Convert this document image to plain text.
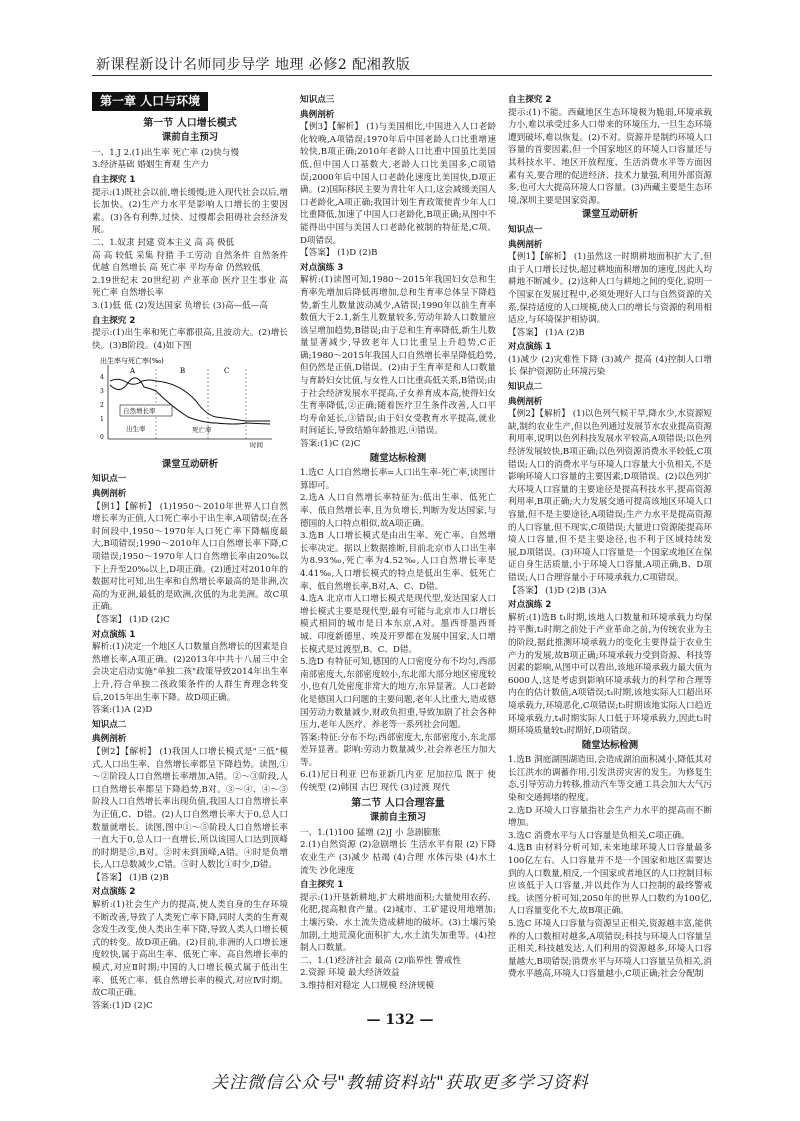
新课程新设计名师同步导学 地理 必修2 配湘教版
第一章 人口与环境
第一节 人口增长模式
课前自主预习

一、1.J 2.(1)出生率 死亡率 (2)快与慢

3.经济基础 婚姻生育观 生产力

自主探究 1

提示:(1)既社会以前,增长缓慢;进入现代社会以后,增长加快。(2)生产力水平是影响人口增长的主要因素。(3)各有利弊,过快、过慢都会阻碍社会经济发展。

二、1.奴隶 封建 资本主义 高 高 极低

高 高 较低 采集 狩猎 手工劳动 自然条件 自然条件优越 自然增长 高 死亡率 平均寿命 仍然较低

2.19世纪末 20世纪初 产业革命 医疗卫生事业 高 死亡率 自然增长率

3.(1)低 低 (2)发达国家 负增长 (3)高—低—高

自主探究 2

提示:(1)出生率和死亡率都很高,且波动大。(2)增长快。(3)B阶段。(4)如下图

出生率与死亡率(‰)
4
3
2
1
0
A	B	C
自然增长率
出生率	死亡率
时间
课堂互动研析
知识点一
典例剖析

【例1】【解析】 (1)1950～2010年世界人口自然增长率为正值,人口死亡率小于出生率,A项错误;在各时间段中,1950～1970年人口死亡率下降幅度最大,B项错误;1990～2010年人口自然增长率下降,C项错误;1950～1970年人口自然增长率由20‰以下上升至20‰以上,D项正确。(2)通过对2010年的数据对比可知,出生率和自然增长率最高的是非洲,次高的为亚洲,最低的是欧洲,次低的为北美洲。故C项正确。

【答案】 (1)D (2)C

对点演练 1

解析:(1)决定一个地区人口数量自然增长的因素是自然增长率,A项正确。(2)2013年中共十八届三中全会决定启动实施"单独二孩"政策导致2014年出生率上升,符合单独二孩政策条件的人群生育理念转变后,2015年出生率下降。故D项正确。

答案:(1)A (2)D

知识点二
典例剖析

【例2】【解析】 (1)我国人口增长模式是"三低"模式,人口出生率、自然增长率都呈下降趋势。读图,①～②阶段人口自然增长率增加,A错。②～③阶段,人口自然增长率都呈下降趋势,B对。③～④、④～⑤阶段人口自然增长率出现负值,我国人口自然增长率为正值,C、D错。(2)人口自然增长率大于0,总人口数量就增长。读图,图中①～⑤阶段人口自然增长率一直大于0,总人口一直增长,所以该国人口达到顶峰的时期是⑤,B对。②时未到顶峰,A错。④时是负增长,人口总数减少,C错。⑤时人数比①时少,D错。

【答案】 (1)B (2)B

对点演练 2

解析:(1)社会生产力的提高,使人类自身的生存环境不断改善,导致了人类死亡率下降,同时人类的生育观念发生改变,使人类出生率下降,导致人类人口增长模式的转变。故D项正确。(2)目前,非洲的人口增长速度较快,属于高出生率、低死亡率、高自然增长率的模式,对应Ⅱ时期;中国的人口增长模式属于低出生率、低死亡率、低自然增长率的模式,对应Ⅳ时期。故C项正确。

答案:(1)D (2)C

知识点三
典例剖析

【例3】【解析】 (1)与美国相比,中国进入人口老龄化较晚,A项错误;1970年后中国老龄人口比重增速较快,B项正确;2010年老龄人口比重中国虽比美国低,但中国人口基数大,老龄人口比美国多,C项错误;2000年后中国人口老龄化速度比美国快,D项正确。(2)国际移民主要为青壮年人口,这会减缓美国人口老龄化,A项正确;我国计划生育政策使青少年人口比重降低,加速了中国人口老龄化,B项正确;从图中不能得出中国与美国人口老龄化被制的特征是,C项、D项错误。

【答案】 (1)D (2)B

对点演练 3

解析:(1)读图可知,1980～2015年我国妇女总和生育率先增加后降低再增加,总和生育率总体呈下降趋势,新生儿数量波动减少,A错误;1990年以前生育率数值大于2.1,新生儿数量较多,劳动年龄人口数量应该呈增加趋势,B错误;由于总和生育率降低,新生儿数量显著减少,导致老年人口比重呈上升趋势,C正确;1980～2015年我国人口自然增长率呈降低趋势,但仍然是正值,D错误。(2)由于生育率是和人口数量与育龄妇女比值,与女性人口比重高低关系,B错误;由于社会经济发展水平提高,子女养育成本高,使得妇女生育率降低,②正确;随着医疗卫生条件改善,人口平均寿命延长,③错误;由于妇女受教育水平提高,就业时间延长,导致结婚年龄推迟,④错误。

答案:(1)C (2)C

随堂达标检测

1.选C 人口自然增长率=人口出生率-死亡率,读图计算即可。

2.选A 人口自然增长率特征为:低出生率、低死亡率、低自然增长率,且为负增长,判断为发达国家,与德国的人口特点相似,故A项正确。

3.选B 人口增长模式是由出生率、死亡率、自然增长率决定。据以上数据推断,目前北京市人口出生率为8.93‰,死亡率为4.52‰,人口自然增长率是4.41‰,人口增长模式的特点是低出生率、低死亡率、低自然增长率,B对,A、C、D错。

4.选A 北京市人口增长模式是现代型,发达国家人口增长模式主要是现代型,最有可能与北京市人口增长模式相同的城市是日本东京,A对。墨西哥墨西哥城、印度新德里、埃及开罗都在发展中国家,人口增长模式是过渡型,B、C、D错。

5.选D 有特征可知,德国的人口密度分布不均匀,西部南部密度大,东部密度较小,东北部大部分地区密度较小,也有几处密度非常大的地方,东异显著。人口老龄化是德国人口问题的主要问题,老年人比重大,造成德国劳动力数量减少,财政负担重,导致加剧了社会各种压力,老年人医疗、养老等一系列社会问题。

答案:特征:分布不均;西部密度大,东部密度小,东北部差异显著。影响:劳动力数量减少,社会养老压力加大等。

6.(1)尼日利亚 巴布亚新几内亚 尼加拉瓜 既于 使 传统型 (2)韩国 古巴 现代 (3)过渡 现代

第二节 人口合理容量
课前自主预习

一、1.(1)100 猛增 (2)J 小 急剧膨胀

2.(1)自然资源 (2)急剧增长 生活水平有限 (2)下降 农业生产 (3)减少 枯竭 (4)合理 水体污染 (4)水土流失 沙化速度

自主探究 1

提示:(1)开垦新耕地,扩大耕地面积;大量使用农药、化肥,提高粮食产量。(2)城市、工矿建设用地增加;土壤污染、水土流失造成耕地的破坏。(3)土壤污染加剧,土地荒漠化面积扩大,水土流失加重等。(4)控制人口数量。

二、1.(1)经济社会 最高 (2)临界性 警戒性

2.资源 环境 最大经济效益

3.维持相对稳定 人口规模 经济规模

自主探究 2

提示:(1)不能。西藏地区生态环境极为脆弱,环境承载力小,难以承受过多人口带来的环境压力,一旦生态环境遭到破坏,难以恢复。(2)不对。资源并是制约环境人口容量的首要因素,但一个国家地区的环境人口容量还与其科技水平、地区开放程度、生活消费水平等方面因素有关,要合理的促进经济、技术力量强,利用外部资源多,也可大大提高环境人口容量。(3)西藏主要是生态环境,深圳主要是国家资源。

课堂互动研析
知识点一
典例剖析

【例1】【解析】 (1)虽然这一时期耕地面积扩大了,但由于人口增长过快,超过耕地面积增加的速度,因此人均耕地不断减少。(2)这种人口与耕地之间的变化,说明一个国家在发展过程中,必须处理好人口与自然资源的关系,保持适度的人口规模,使人口的增长与资源的利用相适应,与环境保护相协调。

【答案】 (1)A (2)B

对点演练 1

(1)减少 (2)灾难性下降 (3)减产 提高 (4)控制人口增长 保护资源防止环境污染

知识点二
典例剖析

【例2】【解析】 (1)以色列气候干旱,降水少,水资源短缺,制约农业生产,但以色列通过发展节水农业提高资源利用率,说明以色列科技发展水平较高,A项错误;以色列经济发展较快,B项正确;以色列资源消费水平较低,C项错误;人口的消费水平与环境人口容量大小负相关,不是影响环境人口容量的主要因素,D项错误。(2)以色列扩大环境人口容量的主要途径是提高科技水平,提高资源利用率,B项正确;大力发展交通可提高该地区环境人口容量,但不是主要途径,A项错误;生产力水平是提高资源的人口容量,但不现实,C项错误;大量进口资源能提高环境人口容量,但不是主要途径,也不利于区域持续发展,D项错误。(3)环境人口容量是一个国家或地区在保证自身生活质量,小于环境人口容量,A项正确,B、D项错误;人口合理容量小于环境承载力,C项错误。

【答案】 (1)D (2)B (3)A

对点演练 2

解析:(1)选B t₁时期,该地人口数量和环境承载力均保持平衡,t₂时期之前处于产业革命之前,为传统农业为主的阶段,据此推测环境承载力的变化主要得益于农业生产力的发展,故B项正确;环境承载力受到资源、科技等因素的影响,从图中可以看出,该地环境承载力最大值为6000人,这是考虑到影响环境承载力的科学和合理等内在的估计数值,A项错误;t₁时期,该地实际人口超出环境承载力,环境恶化,C项错误;t₃时期该地实际人口趋近环境承载力,t₄时期实际人口低于环境承载力,因此t₂时期环境质量较t₃时期好,D项错误。

随堂达标检测

1.选B 洞庭湖围湖造田,会造成湖泊面积减小,降低其对长江洪水的调蓄作用,引发洪涝灾害的发生。为修复生态,引导劳动力转移,推动汽车等交通工具会加大大气污染和交通拥堵的程度。

2.选D 环境人口容量指社会生产力水平的提高而不断增加。

3.选C 消费水平与人口容量是负相关,C项正确。

4.选B 由材料分析可知,未来地球环境人口容量最多100亿左右。人口容量并不是一个国家和地区需要达到的人口数量,相反,一个国家或者地区的人口控制目标应该低于人口容量,并以此作为人口控制的最终警戒线。读图分析可知,2050年的世界人口数约为100亿,人口容量变化不大,故B项正确。

5.选C 环境人口容量与资源呈正相关,资源越丰富,能供养的人口数相对越多,A项错误;科技与环境人口容量呈正相关,科技越发达,人们利用的资源越多,环境人口容量越大,B项错误;消费水平与环境人口容量呈负相关,消费水平越高,环境人口容量越小,C项正确;社会分配制

— 132 —
关注微信公众号"教辅资料站"获取更多学习资料
